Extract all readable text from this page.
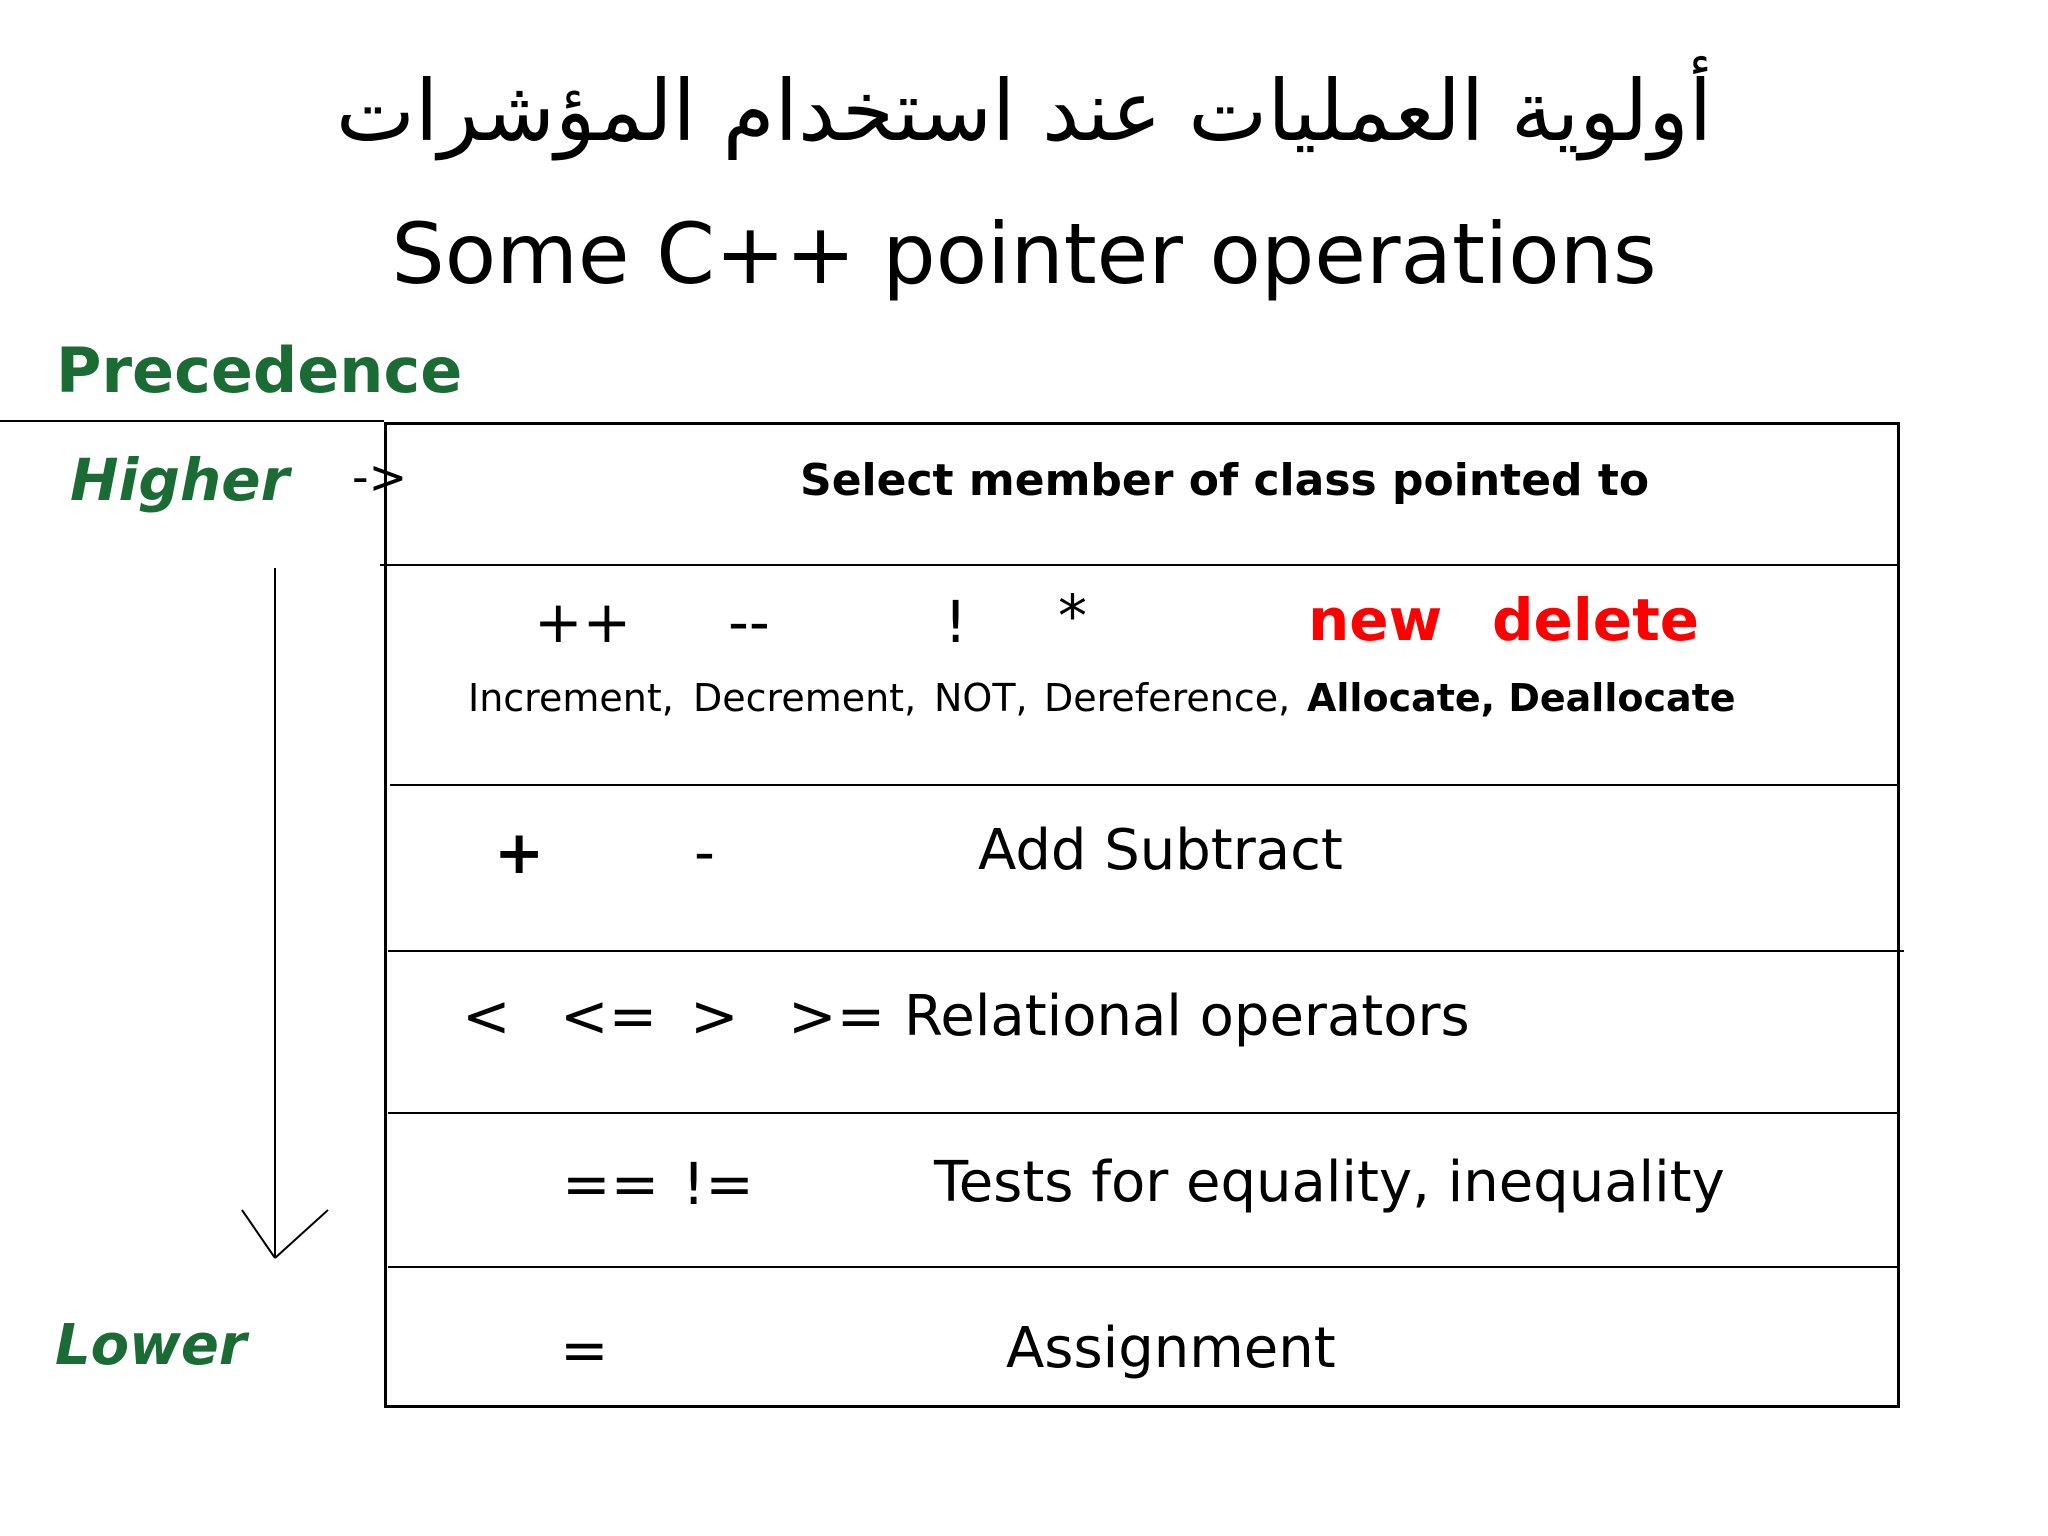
أولوية العمليات عند استخدام المؤشرات
Some C++ pointer operations
Precedence
Higher
Lower
->	Select member of class pointed to
++ --	! *	new delete
Increment, Decrement, NOT, Dereference, Allocate, Deallocate
+	-	Add Subtract
< <= > >= Relational operators
== !=	Tests for equality, inequality
=	Assignment
